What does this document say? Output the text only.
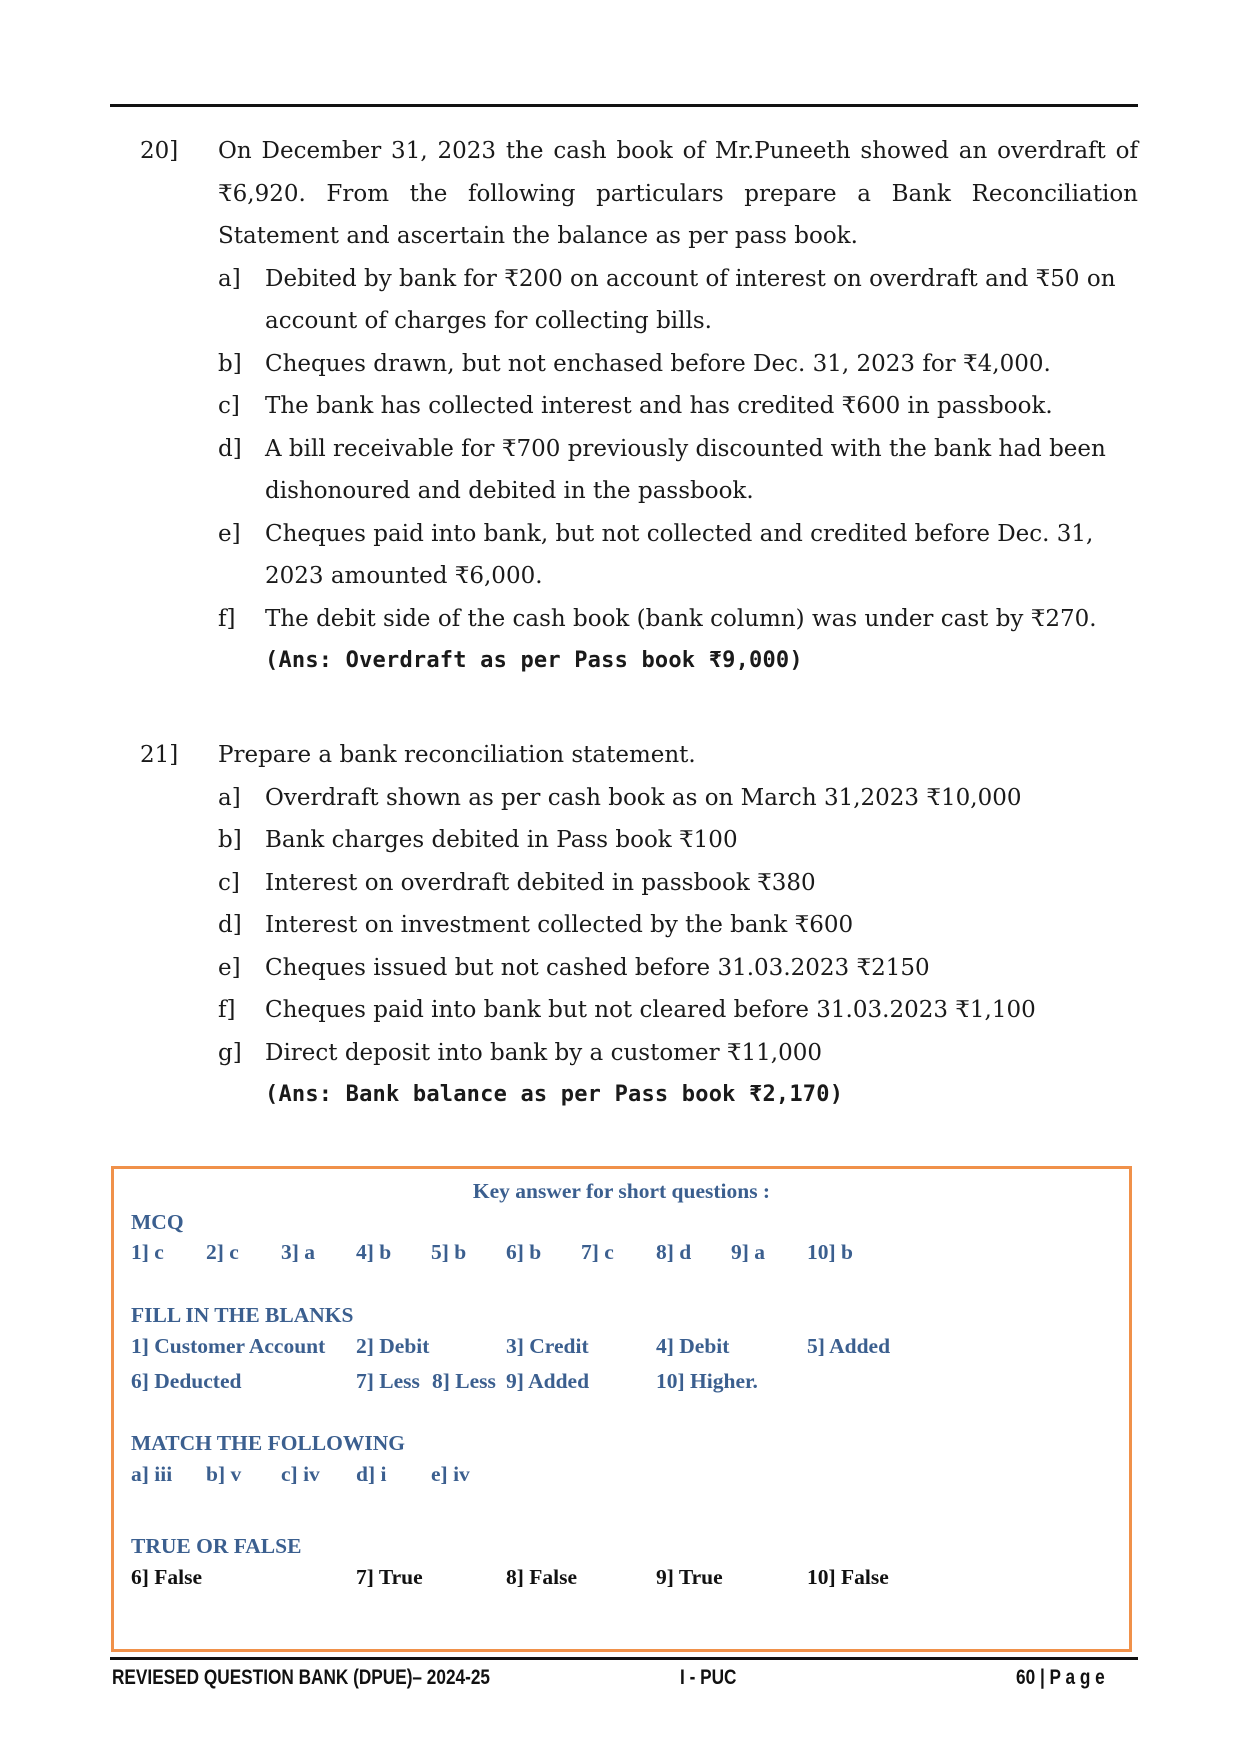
20]	On December 31, 2023 the cash book of Mr.Puneeth showed an overdraft of ₹6,920. From the following particulars prepare a Bank Reconciliation Statement and ascertain the balance as per pass book.
a] Debited by bank for ₹200 on account of interest on overdraft and ₹50 on account of charges for collecting bills.
b] Cheques drawn, but not enchased before Dec. 31, 2023 for ₹4,000.
c] The bank has collected interest and has credited ₹600 in passbook.
d] A bill receivable for ₹700 previously discounted with the bank had been dishonoured and debited in the passbook.
e] Cheques paid into bank, but not collected and credited before Dec. 31, 2023 amounted ₹6,000.
f] The debit side of the cash book (bank column) was under cast by ₹270.
(Ans: Overdraft as per Pass book ₹9,000)
21]	Prepare a bank reconciliation statement.
a] Overdraft shown as per cash book as on March 31,2023 ₹10,000
b] Bank charges debited in Pass book ₹100
c] Interest on overdraft debited in passbook ₹380
d] Interest on investment collected by the bank ₹600
e] Cheques issued but not cashed before 31.03.2023 ₹2150
f] Cheques paid into bank but not cleared before 31.03.2023 ₹1,100
g] Direct deposit into bank by a customer ₹11,000
(Ans: Bank balance as per Pass book ₹2,170)
Key answer for short questions :
MCQ
1] c 2] c 3] a 4] b 5] b 6] b 7] c 8] d 9] a 10] b
FILL IN THE BLANKS
1] Customer Account 2] Debit	3] Credit	4] Debit	5] Added
6] Deducted	7] Less 8] Less 9] Added	10] Higher.
MATCH THE FOLLOWING
a] iii b] v c] iv d] i e] iv
TRUE OR FALSE
6] False	7] True	8] False	9] True	10] False
REVIESED QUESTION BANK (DPUE)– 2024-25	I - PUC	60 | P a g e
